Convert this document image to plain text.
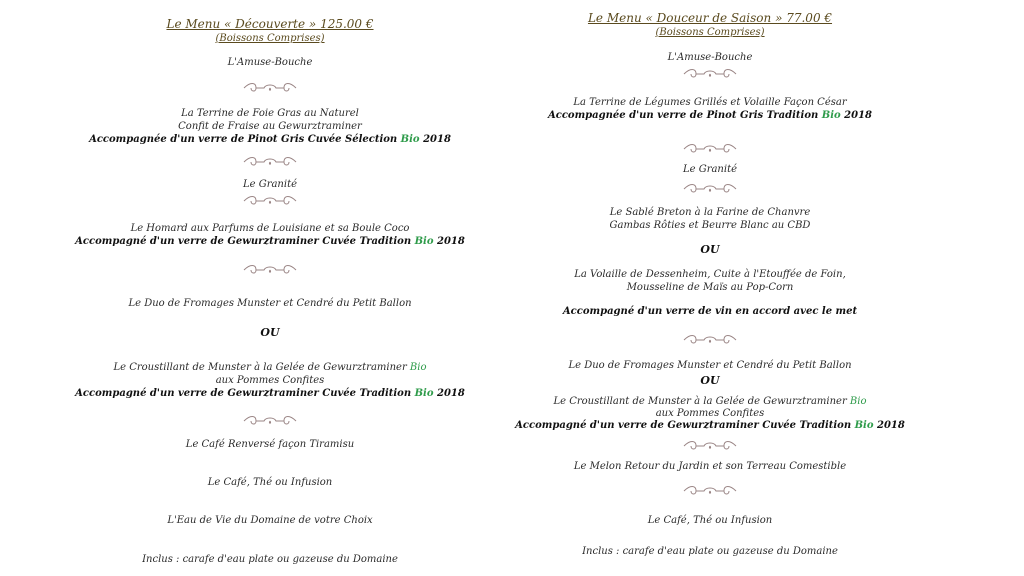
Le Menu « Découverte » 125.00 €
(Boissons Comprises)
L'Amuse-Bouche
La Terrine de Foie Gras au Naturel
Confit de Fraise au Gewurztraminer
Accompagnée d'un verre de Pinot Gris Cuvée Sélection Bio 2018
Le Granité
Le Homard aux Parfums de Louisiane et sa Boule Coco
Accompagné d'un verre de Gewurztraminer Cuvée Tradition Bio 2018
Le Duo de Fromages Munster et Cendré du Petit Ballon
OU
Le Croustillant de Munster à la Gelée de Gewurztraminer Bio
aux Pommes Confites
Accompagné d'un verre de Gewurztraminer Cuvée Tradition Bio 2018
Le Café Renversé façon Tiramisu
Le Café, Thé ou Infusion
L'Eau de Vie du Domaine de votre Choix
Inclus : carafe d'eau plate ou gazeuse du Domaine
Le Menu « Douceur de Saison » 77.00 €
(Boissons Comprises)
L'Amuse-Bouche
La Terrine de Légumes Grillés et Volaille Façon César
Accompagnée d'un verre de Pinot Gris Tradition Bio 2018
Le Granité
Le Sablé Breton à la Farine de Chanvre
Gambas Rôties et Beurre Blanc au CBD
OU
La Volaille de Dessenheim, Cuite à l'Etouffée de Foin,
Mousseline de Maïs au Pop-Corn
Accompagné d'un verre de vin en accord avec le met
Le Duo de Fromages Munster et Cendré du Petit Ballon
OU
Le Croustillant de Munster à la Gelée de Gewurztraminer Bio
aux Pommes Confites
Accompagné d'un verre de Gewurztraminer Cuvée Tradition Bio 2018
Le Melon Retour du Jardin et son Terreau Comestible
Le Café, Thé ou Infusion
Inclus : carafe d'eau plate ou gazeuse du Domaine
